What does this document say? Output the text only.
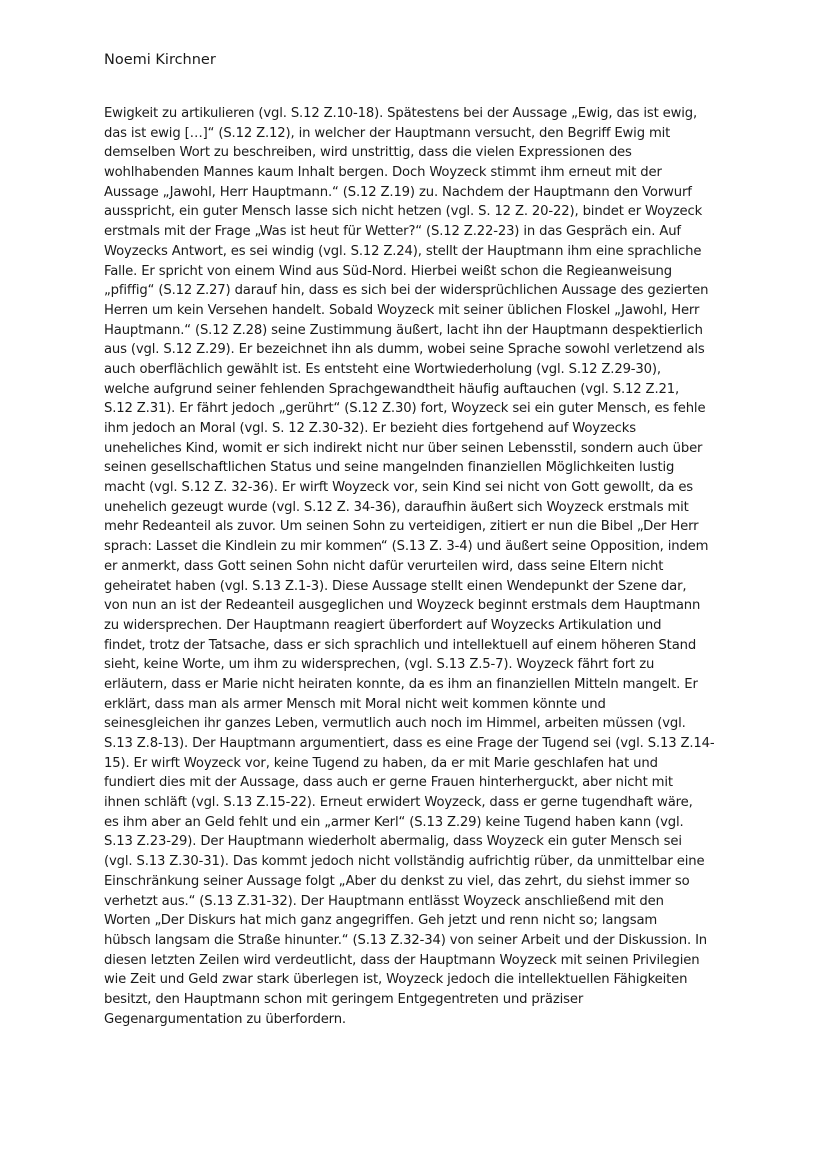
Noemi Kirchner
Ewigkeit zu artikulieren (vgl. S.12 Z.10-18). Spätestens bei der Aussage „Ewig, das ist ewig,
das ist ewig […]“ (S.12 Z.12), in welcher der Hauptmann versucht, den Begriff Ewig mit
demselben Wort zu beschreiben, wird unstrittig, dass die vielen Expressionen des
wohlhabenden Mannes kaum Inhalt bergen. Doch Woyzeck stimmt ihm erneut mit der
Aussage „Jawohl, Herr Hauptmann.“ (S.12 Z.19) zu. Nachdem der Hauptmann den Vorwurf
ausspricht, ein guter Mensch lasse sich nicht hetzen (vgl. S. 12 Z. 20-22), bindet er Woyzeck
erstmals mit der Frage „Was ist heut für Wetter?“ (S.12 Z.22-23) in das Gespräch ein. Auf
Woyzecks Antwort, es sei windig (vgl. S.12 Z.24), stellt der Hauptmann ihm eine sprachliche
Falle. Er spricht von einem Wind aus Süd-Nord. Hierbei weißt schon die Regieanweisung
„pfiffig“ (S.12 Z.27) darauf hin, dass es sich bei der widersprüchlichen Aussage des gezierten
Herren um kein Versehen handelt. Sobald Woyzeck mit seiner üblichen Floskel „Jawohl, Herr
Hauptmann.“ (S.12 Z.28) seine Zustimmung äußert, lacht ihn der Hauptmann despektierlich
aus (vgl. S.12 Z.29). Er bezeichnet ihn als dumm, wobei seine Sprache sowohl verletzend als
auch oberflächlich gewählt ist. Es entsteht eine Wortwiederholung (vgl. S.12 Z.29-30),
welche aufgrund seiner fehlenden Sprachgewandtheit häufig auftauchen (vgl. S.12 Z.21,
S.12 Z.31). Er fährt jedoch „gerührt“ (S.12 Z.30) fort, Woyzeck sei ein guter Mensch, es fehle
ihm jedoch an Moral (vgl. S. 12 Z.30-32). Er bezieht dies fortgehend auf Woyzecks
uneheliches Kind, womit er sich indirekt nicht nur über seinen Lebensstil, sondern auch über
seinen gesellschaftlichen Status und seine mangelnden finanziellen Möglichkeiten lustig
macht (vgl. S.12 Z. 32-36). Er wirft Woyzeck vor, sein Kind sei nicht von Gott gewollt, da es
unehelich gezeugt wurde (vgl. S.12 Z. 34-36), daraufhin äußert sich Woyzeck erstmals mit
mehr Redeanteil als zuvor. Um seinen Sohn zu verteidigen, zitiert er nun die Bibel „Der Herr
sprach: Lasset die Kindlein zu mir kommen“ (S.13 Z. 3-4) und äußert seine Opposition, indem
er anmerkt, dass Gott seinen Sohn nicht dafür verurteilen wird, dass seine Eltern nicht
geheiratet haben (vgl. S.13 Z.1-3). Diese Aussage stellt einen Wendepunkt der Szene dar,
von nun an ist der Redeanteil ausgeglichen und Woyzeck beginnt erstmals dem Hauptmann
zu widersprechen. Der Hauptmann reagiert überfordert auf Woyzecks Artikulation und
findet, trotz der Tatsache, dass er sich sprachlich und intellektuell auf einem höheren Stand
sieht, keine Worte, um ihm zu widersprechen, (vgl. S.13 Z.5-7). Woyzeck fährt fort zu
erläutern, dass er Marie nicht heiraten konnte, da es ihm an finanziellen Mitteln mangelt. Er
erklärt, dass man als armer Mensch mit Moral nicht weit kommen könnte und
seinesgleichen ihr ganzes Leben, vermutlich auch noch im Himmel, arbeiten müssen (vgl.
S.13 Z.8-13). Der Hauptmann argumentiert, dass es eine Frage der Tugend sei (vgl. S.13 Z.14-
15). Er wirft Woyzeck vor, keine Tugend zu haben, da er mit Marie geschlafen hat und
fundiert dies mit der Aussage, dass auch er gerne Frauen hinterherguckt, aber nicht mit
ihnen schläft (vgl. S.13 Z.15-22). Erneut erwidert Woyzeck, dass er gerne tugendhaft wäre,
es ihm aber an Geld fehlt und ein „armer Kerl“ (S.13 Z.29) keine Tugend haben kann (vgl.
S.13 Z.23-29). Der Hauptmann wiederholt abermalig, dass Woyzeck ein guter Mensch sei
(vgl. S.13 Z.30-31). Das kommt jedoch nicht vollständig aufrichtig rüber, da unmittelbar eine
Einschränkung seiner Aussage folgt „Aber du denkst zu viel, das zehrt, du siehst immer so
verhetzt aus.“ (S.13 Z.31-32). Der Hauptmann entlässt Woyzeck anschließend mit den
Worten „Der Diskurs hat mich ganz angegriffen. Geh jetzt und renn nicht so; langsam
hübsch langsam die Straße hinunter.“ (S.13 Z.32-34) von seiner Arbeit und der Diskussion. In
diesen letzten Zeilen wird verdeutlicht, dass der Hauptmann Woyzeck mit seinen Privilegien
wie Zeit und Geld zwar stark überlegen ist, Woyzeck jedoch die intellektuellen Fähigkeiten
besitzt, den Hauptmann schon mit geringem Entgegentreten und präziser
Gegenargumentation zu überfordern.
